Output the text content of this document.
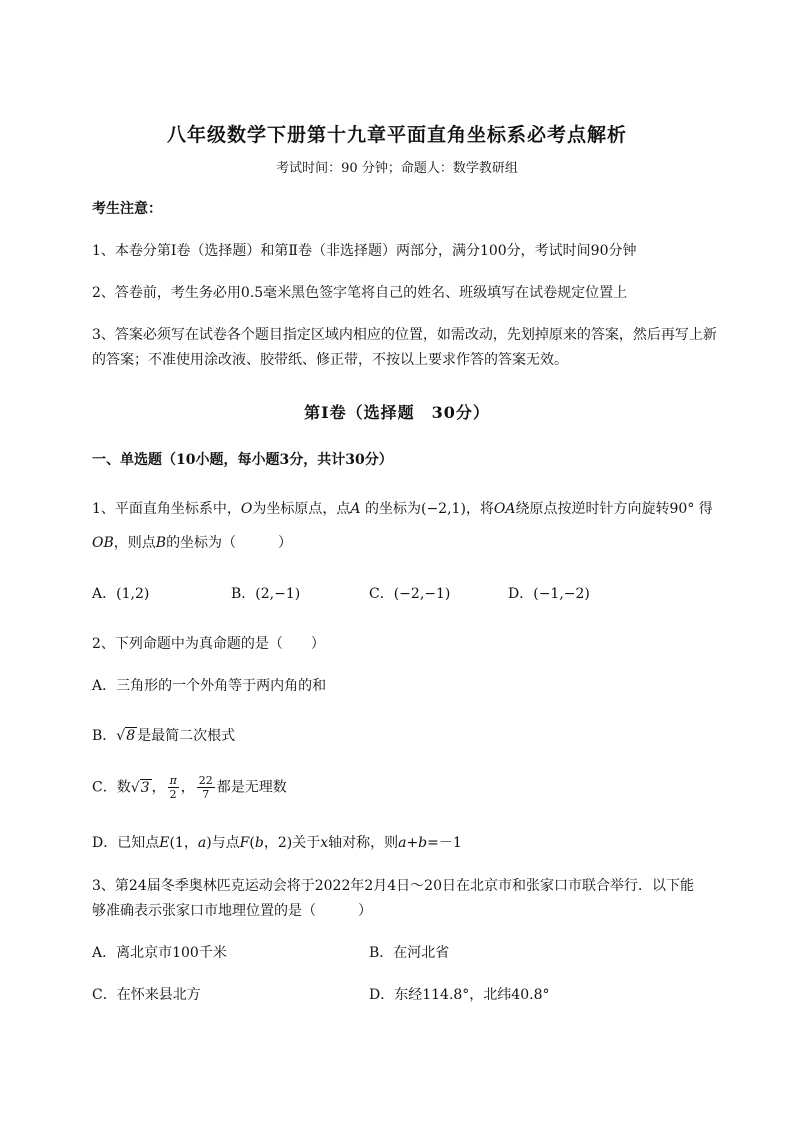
八年级数学下册第十九章平面直角坐标系必考点解析
考试时间：90 分钟；命题人：数学教研组
考生注意：
1、本卷分第I卷（选择题）和第Ⅱ卷（非选择题）两部分，满分100分，考试时间90分钟
2、答卷前，考生务必用0.5毫米黑色签字笔将自己的姓名、班级填写在试卷规定位置上
3、答案必须写在试卷各个题目指定区域内相应的位置，如需改动，先划掉原来的答案，然后再写上新
的答案；不准使用涂改液、胶带纸、修正带，不按以上要求作答的答案无效。
第I卷（选择题　30分）
一、单选题（10小题，每小题3分，共计30分）
1、平面直角坐标系中，O为坐标原点，点A 的坐标为(−2,1)，将OA绕原点按逆时针方向旋转90° 得
OB，则点B的坐标为（　　　）
A．(1,2)	B．(2,−1)	C．(−2,−1)	D．(−1,−2)
2、下列命题中为真命题的是（　　）
A．三角形的一个外角等于两内角的和
B．√8 是最简二次根式
C．数√3 ， $\frac{\pi}{2}$ ， $\frac{22}{7}$ 都是无理数
D．已知点E(1，a)与点F(b，2)关于x轴对称，则a+b=－1
3、第24届冬季奥林匹克运动会将于2022年2月4日～20日在北京市和张家口市联合举行．以下能
够准确表示张家口市地理位置的是（　　　）
A．离北京市100千米	B．在河北省
C．在怀来县北方	D．东经114.8°，北纬40.8°
